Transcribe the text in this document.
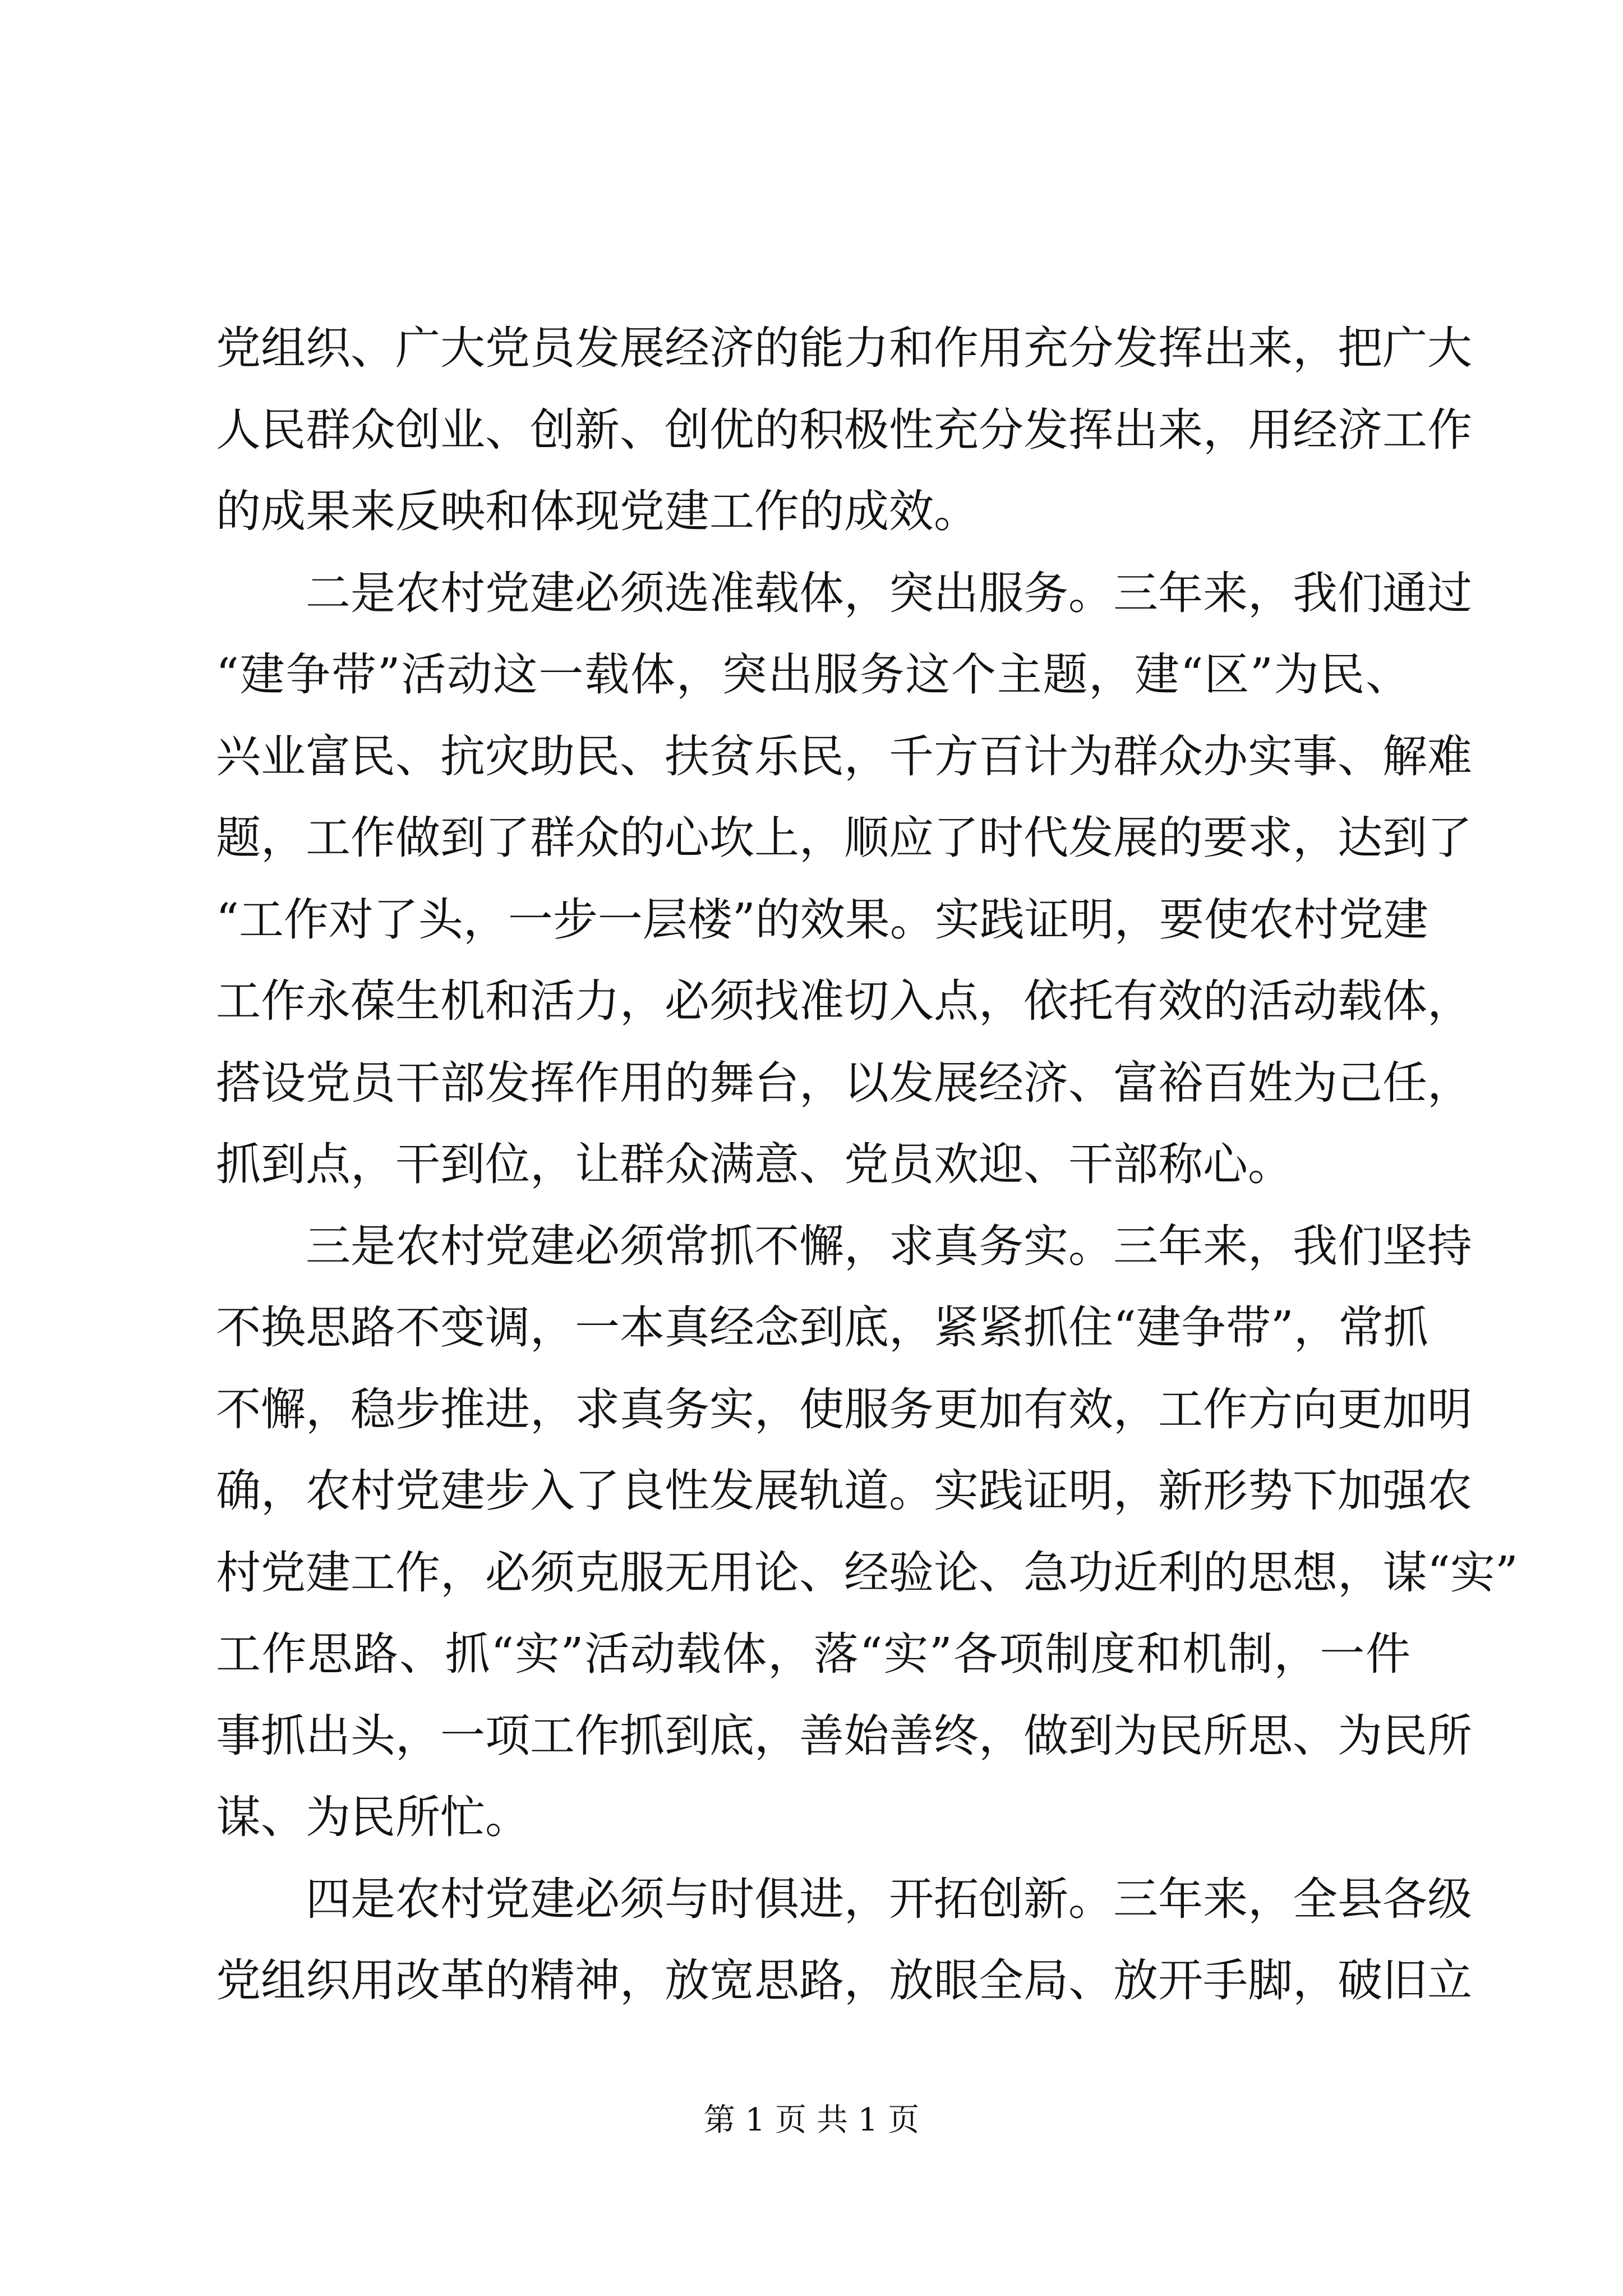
党组织、广大党员发展经济的能力和作用充分发挥出来，把广大
人民群众创业、创新、创优的积极性充分发挥出来，用经济工作
的成果来反映和体现党建工作的成效。
二是农村党建必须选准载体，突出服务。三年来，我们通过
“建争带”活动这一载体，突出服务这个主题，建“区”为民、
兴业富民、抗灾助民、扶贫乐民，千方百计为群众办实事、解难
题，工作做到了群众的心坎上，顺应了时代发展的要求，达到了
“工作对了头，一步一层楼”的效果。实践证明，要使农村党建
工作永葆生机和活力，必须找准切入点，依托有效的活动载体，
搭设党员干部发挥作用的舞台，以发展经济、富裕百姓为己任，
抓到点，干到位，让群众满意、党员欢迎、干部称心。
三是农村党建必须常抓不懈，求真务实。三年来，我们坚持
不换思路不变调，一本真经念到底，紧紧抓住“建争带”，常抓
不懈，稳步推进，求真务实，使服务更加有效，工作方向更加明
确，农村党建步入了良性发展轨道。实践证明，新形势下加强农
村党建工作，必须克服无用论、经验论、急功近利的思想，谋“实”
工作思路、抓“实”活动载体，落“实”各项制度和机制，一件
事抓出头，一项工作抓到底，善始善终，做到为民所思、为民所
谋、为民所忙。
四是农村党建必须与时俱进，开拓创新。三年来，全县各级
党组织用改革的精神，放宽思路，放眼全局、放开手脚，破旧立
第 1 页 共 1 页
